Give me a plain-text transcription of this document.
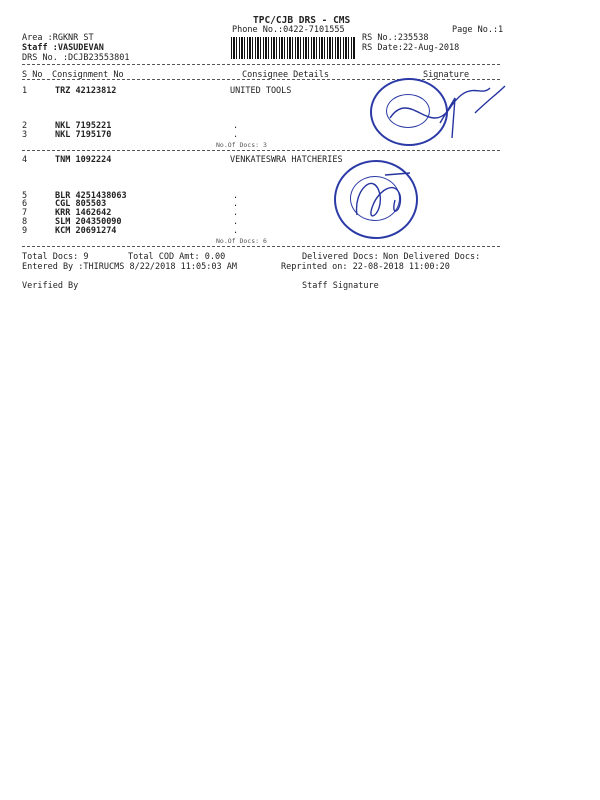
TPC/CJB DRS - CMS
Phone No.:0422-7101555	Page No.:1
Area :RGKNR ST
Staff :VASUDEVAN
DRS No. :DCJB23553801
RS No.:235538
RS Date:22-Aug-2018
S No Consignment No	Consignee Details	Signature
1	TRZ 42123812	UNITED TOOLS
2	NKL 7195221	.
3	NKL 7195170	.
4	TNM 1092224	VENKATESWRA HATCHERIES
5	BLR 4251438063	.
6	CGL 805503	.
7	KRR 1462642	.
8	SLM 204350090	.
9	KCM 20691274	.
No.Of Docs: 3
No.Of Docs: 6
Total Docs: 9	Total COD Amt: 0.00	Delivered Docs: Non Delivered Docs:
Entered By :THIRUCMS 8/22/2018 11:05:03 AM	Reprinted on: 22-08-2018 11:00:20
Verified By	Staff Signature
